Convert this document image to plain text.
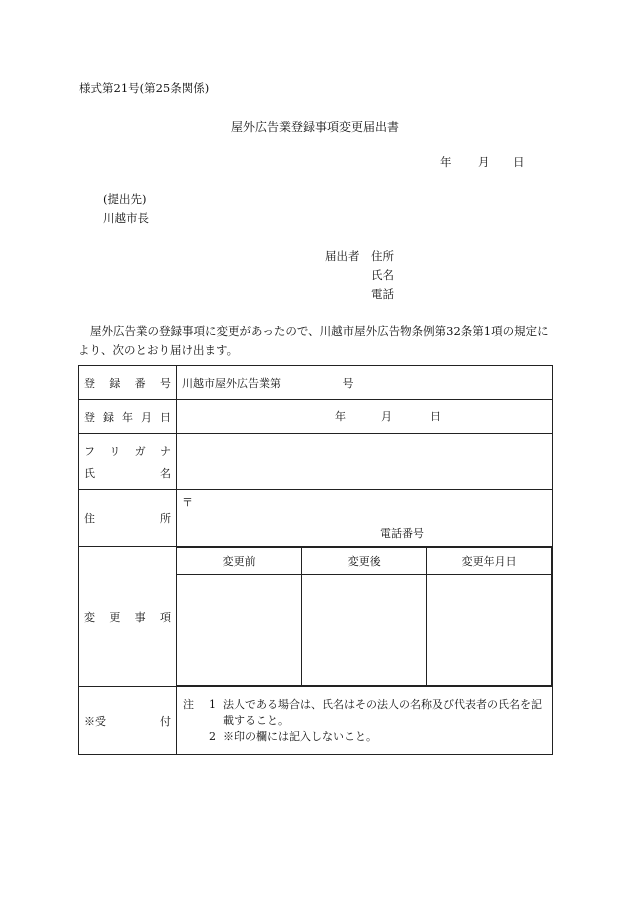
様式第21号(第25条関係)
屋外広告業登録事項変更届出書
年 月 日
(提出先)
川越市長
届出者 住所
氏名
電話
屋外広告業の登録事項に変更があったので、川越市屋外広告物条例第32条第1項の規定に
より、次のとおり届け出ます。
登 録 番 号	川越市屋外広告業第	号

登 録 年 月 日	年	月	日

フ リ ガ ナ
氏	名

住	所

〒
電話番号

変 更 事 項

変更前	変更後	変更年月日

※受	付

注	1 法人である場合は、氏名はその法人の名称及び代表者の氏名を記載すること。
2 ※印の欄には記入しないこと。
